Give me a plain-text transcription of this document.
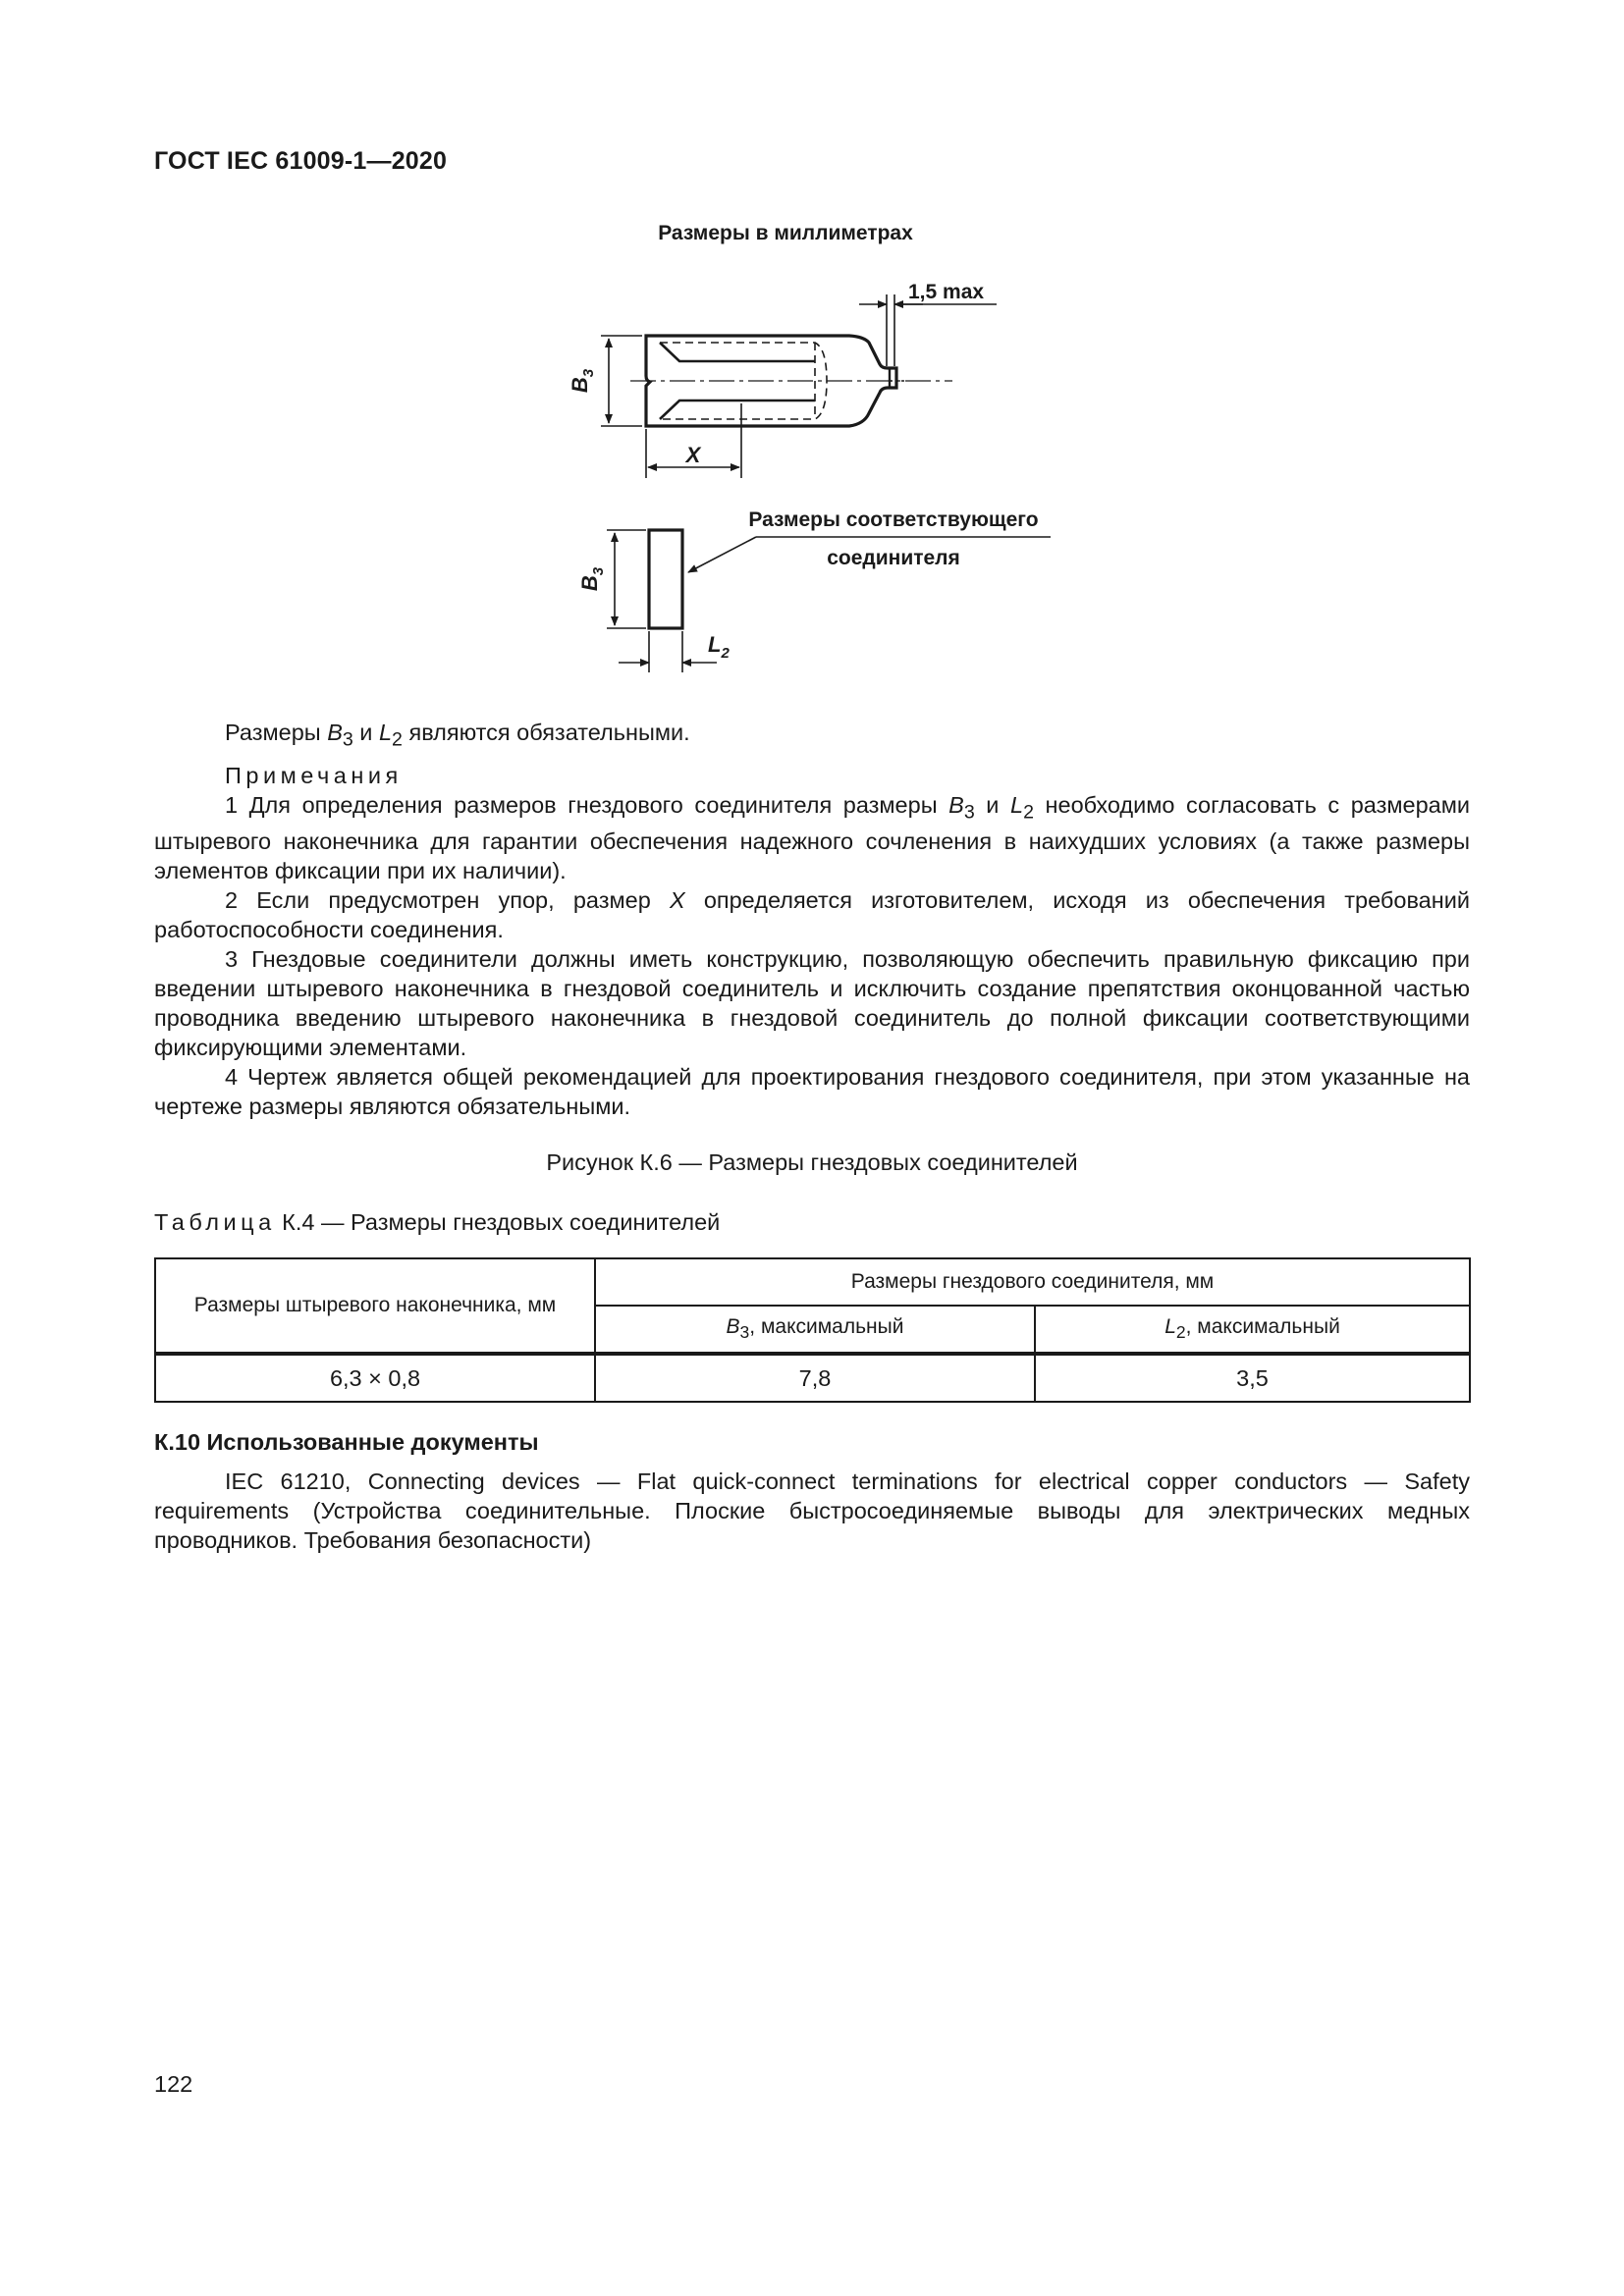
ГОСТ IEC 61009-1—2020
Размеры в миллиметрах
1,5 max
$B_3$
X
$B_3$
$L_2$
Размеры соответствующего
соединителя

Размеры $B_3$ и $L_2$ являются обязательными.

Примечания

1 Для определения размеров гнездового соединителя размеры $B_3$ и $L_2$ необходимо согласовать с размерами штыревого наконечника для гарантии обеспечения надежного сочленения в наихудших условиях (а также размеры элементов фиксации при их наличии).

2 Если предусмотрен упор, размер X определяется изготовителем, исходя из обеспечения требований работоспособности соединения.

3 Гнездовые соединители должны иметь конструкцию, позволяющую обеспечить правильную фиксацию при введении штыревого наконечника в гнездовой соединитель и исключить создание препятствия оконцованной частью проводника введению штыревого наконечника в гнездовой соединитель до полной фиксации соответствующими фиксирующими элементами.

4 Чертеж является общей рекомендацией для проектирования гнездового соединителя, при этом указанные на чертеже размеры являются обязательными.

Рисунок К.6 — Размеры гнездовых соединителей
Таблица К.4 — Размеры гнездовых соединителей
Размеры штыревого наконечника, мм	Размеры гнездового соединителя, мм	
	$B_3$, максимальный	$L_2$, максимальный
6,3 × 0,8	7,8	3,5
К.10 Использованные документы

IEC 61210, Connecting devices — Flat quick-connect terminations for electrical copper conductors — Safety requirements (Устройства соединительные. Плоские быстросоединяемые выводы для электрических медных проводников. Требования безопасности)

122
